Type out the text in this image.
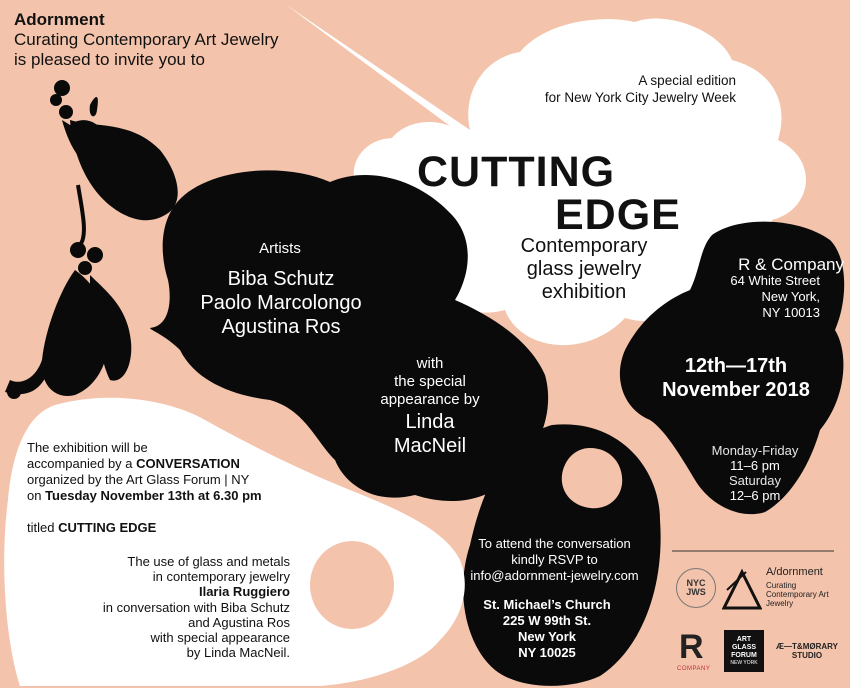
Adornment
Curating Contemporary Art Jewelry
is pleased to invite you to
A special edition
for New York City Jewelry Week
CUTTING
EDGE
Contemporary
glass jewelry
exhibition
Artists
Biba Schutz
Paolo Marcolongo
Agustina Ros
with
the special
appearance by
Linda
MacNeil
R & Company
64 White Street
New York,
NY 10013
12th—17th
November 2018
Monday-Friday
11–6 pm
Saturday
12–6 pm
The exhibition will be
accompanied by a CONVERSATION
organized by the Art Glass Forum | NY
on Tuesday November 13th at 6.30 pm
titled CUTTING EDGE
The use of glass and metals
in contemporary jewelry
Ilaria Ruggiero
in conversation with Biba Schutz
and Agustina Ros
with special appearance
by Linda MacNeil.
To attend the conversation
kindly RSVP to
info@adornment-jewelry.com
St. Michael’s Church
225 W 99th St.
New York
NY 10025
NYC JWS
A/dornment
Curating Contemporary Art Jewelry
R
COMPANY
ART
GLASS
FORUM
NEW YORK
Æ—T&MØRARY STUDIO
